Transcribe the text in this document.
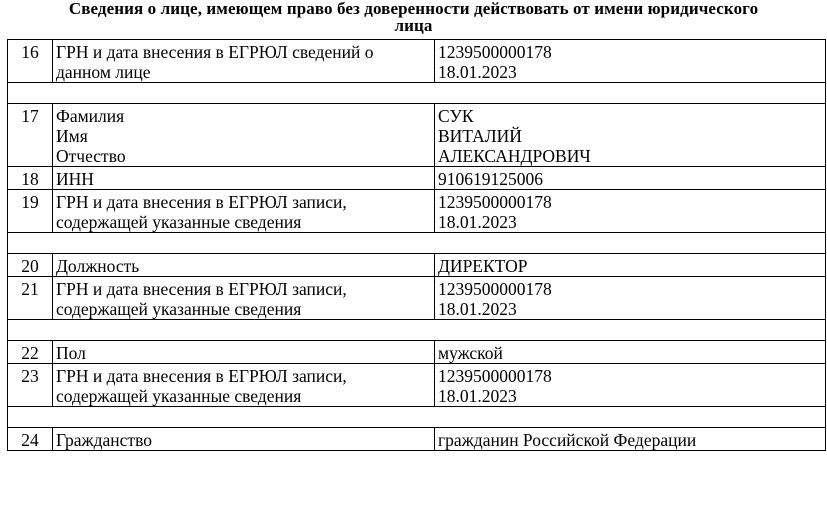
Сведения о лице, имеющем право без доверенности действовать от имени юридического
лица
16	ГРН и дата внесения в ЕГРЮЛ сведений о
данном лице	1239500000178
18.01.2023

17	Фамилия
Имя
Отчество	СУК
ВИТАЛИЙ
АЛЕКСАНДРОВИЧ
18	ИНН	910619125006
19	ГРН и дата внесения в ЕГРЮЛ записи,
содержащей указанные сведения	1239500000178
18.01.2023

20	Должность	ДИРЕКТОР
21	ГРН и дата внесения в ЕГРЮЛ записи,
содержащей указанные сведения	1239500000178
18.01.2023

22	Пол	мужской
23	ГРН и дата внесения в ЕГРЮЛ записи,
содержащей указанные сведения	1239500000178
18.01.2023

24	Гражданство	гражданин Российской Федерации
